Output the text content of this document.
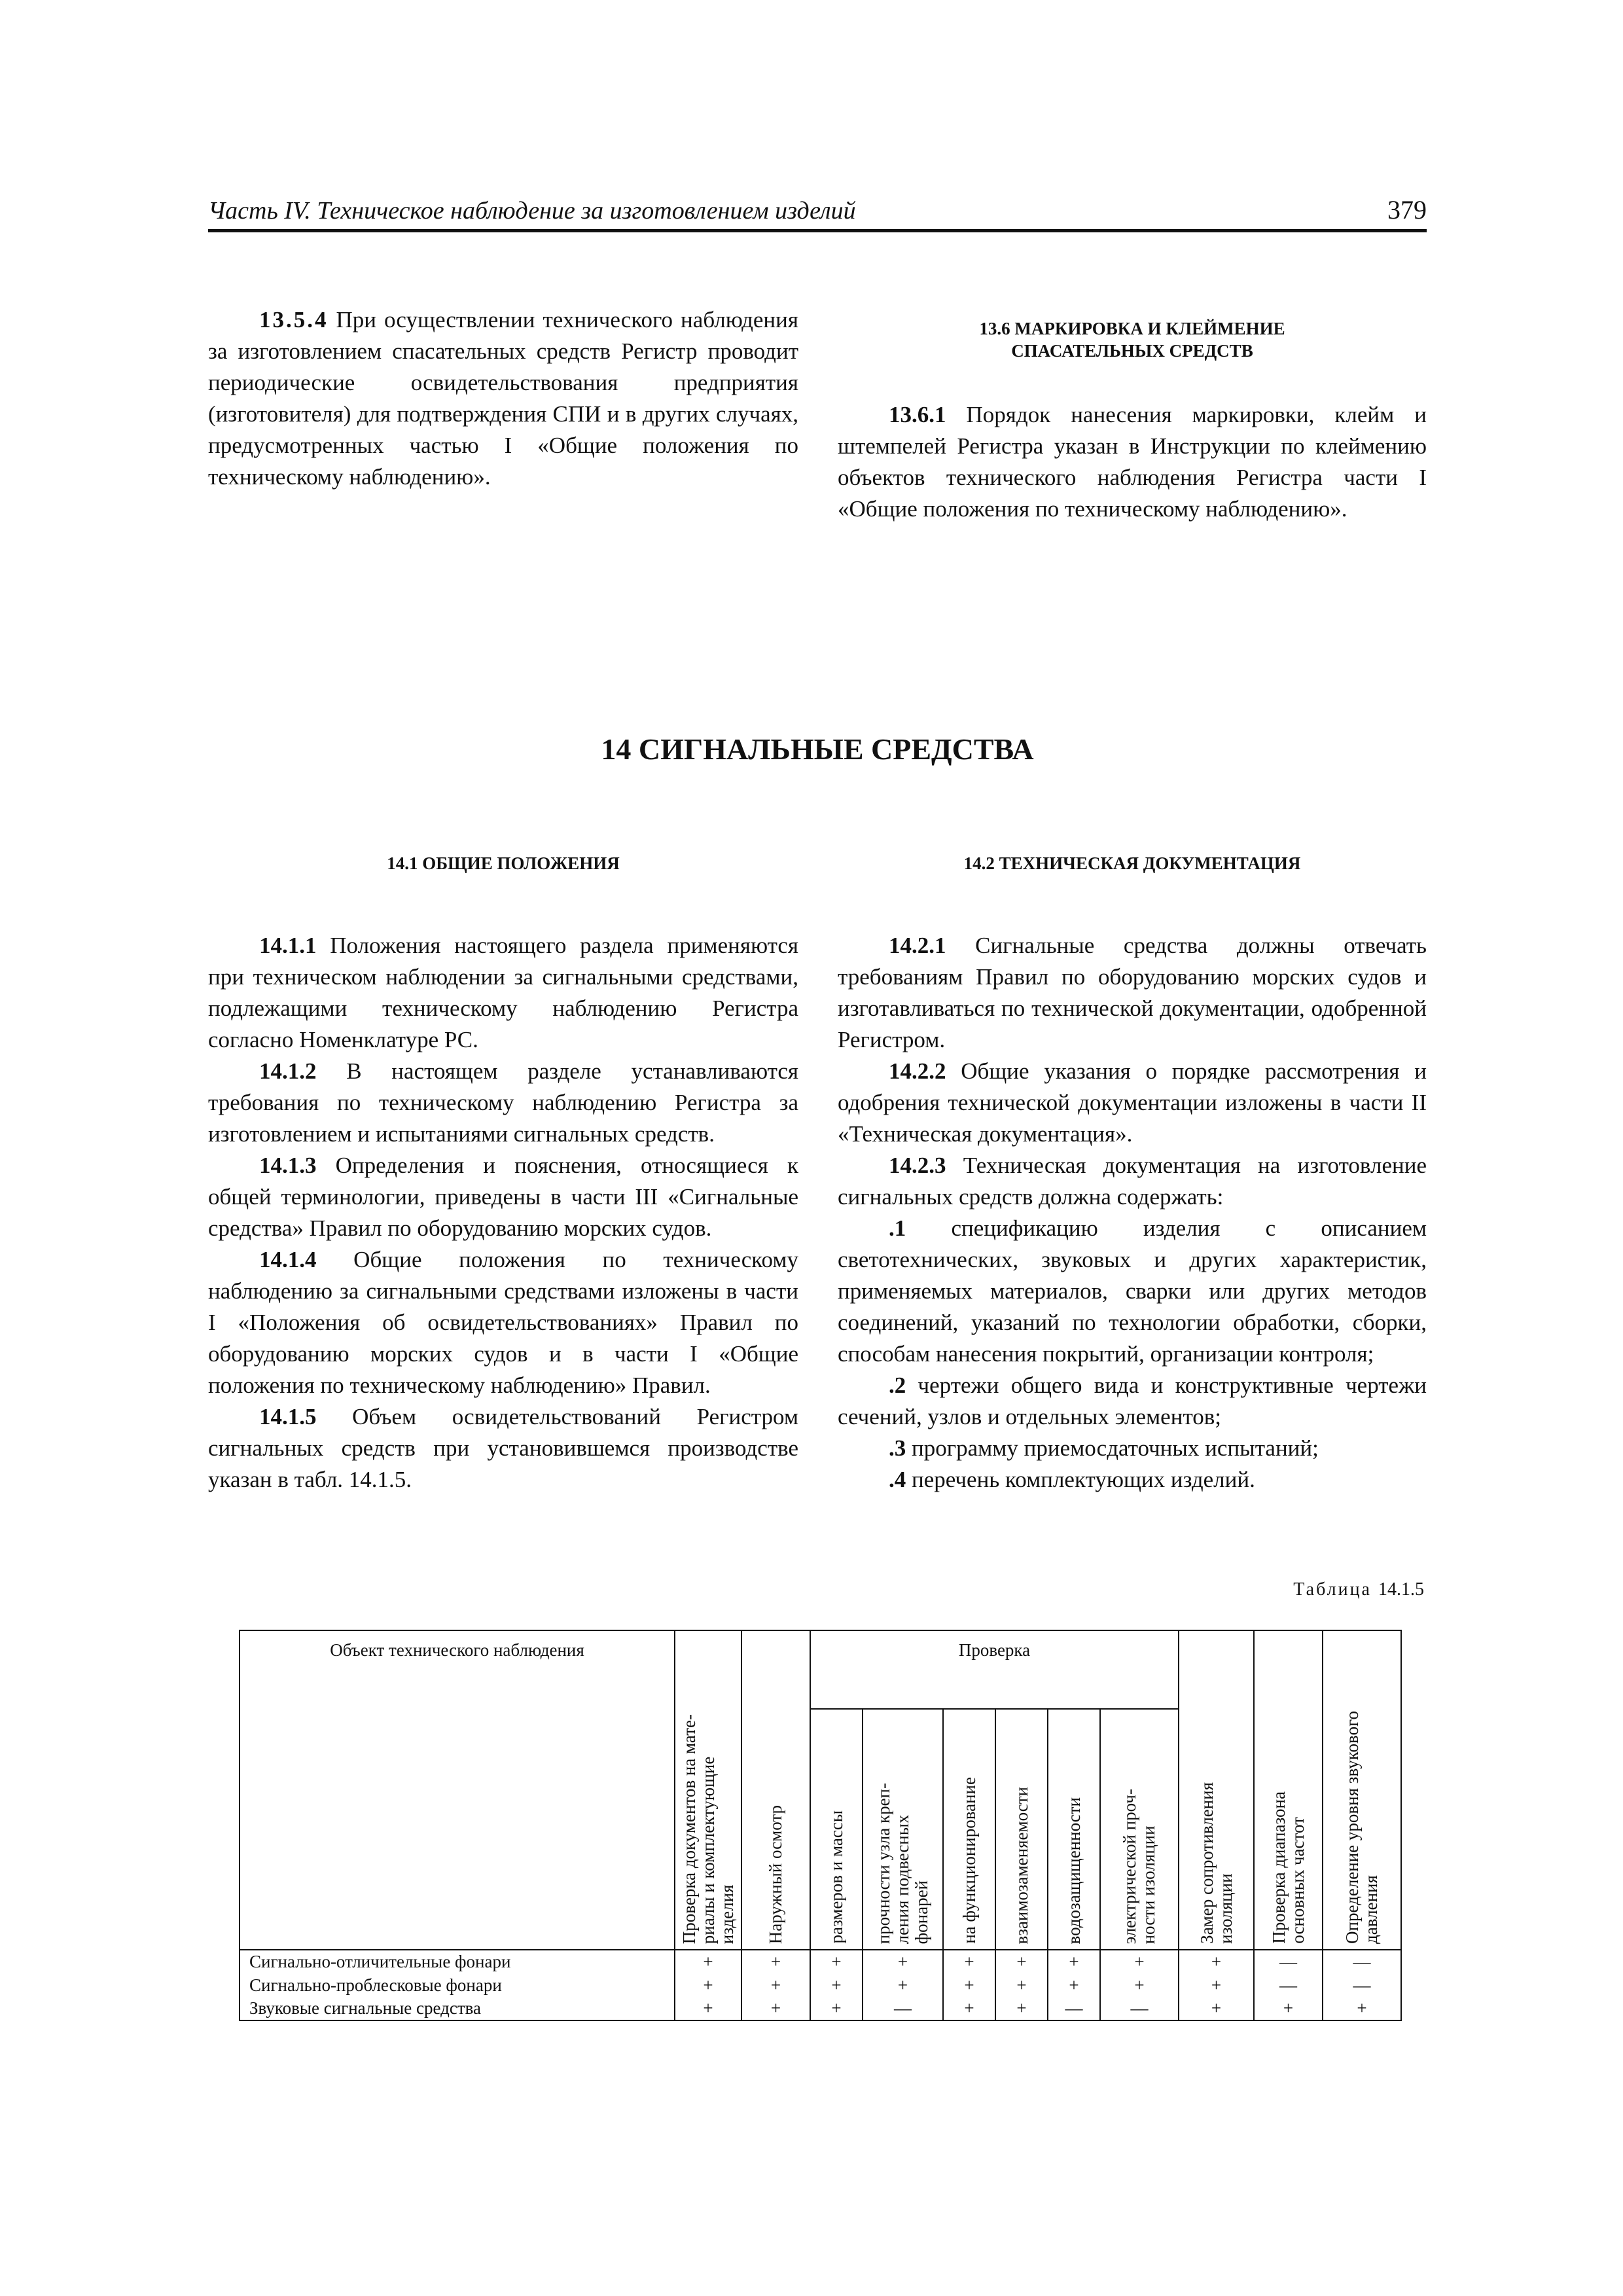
Часть IV. Техническое наблюдение за изготовлением изделий	379

13.5.4 При осуществлении технического наблюдения за изготовлением спасательных средств Регистр проводит периодические освидетельствования предприятия (изготовителя) для подтверждения СПИ и в других случаях, предусмотренных частью I «Общие положения по техническому наблюдению».

13.6 МАРКИРОВКА И КЛЕЙМЕНИЕ
СПАСАТЕЛЬНЫХ СРЕДСТВ

13.6.1 Порядок нанесения маркировки, клейм и штемпелей Регистра указан в Инструкции по клеймению объектов технического наблюдения Регистра части I «Общие положения по техническому наблюдению».

14 СИГНАЛЬНЫЕ СРЕДСТВА
14.1 ОБЩИЕ ПОЛОЖЕНИЯ

14.1.1 Положения настоящего раздела применяются при техническом наблюдении за сигнальными средствами, подлежащими техническому наблюдению Регистра согласно Номенклатуре РС.

14.1.2 В настоящем разделе устанавливаются требования по техническому наблюдению Регистра за изготовлением и испытаниями сигнальных средств.

14.1.3 Определения и пояснения, относящиеся к общей терминологии, приведены в части III «Сигнальные средства» Правил по оборудованию морских судов.

14.1.4 Общие положения по техническому наблюдению за сигнальными средствами изложены в части I «Положения об освидетельствованиях» Правил по оборудованию морских судов и в части I «Общие положения по техническому наблюдению» Правил.

14.1.5 Объем освидетельствований Регистром сигнальных средств при установившемся производстве указан в табл. 14.1.5.

14.2 ТЕХНИЧЕСКАЯ ДОКУМЕНТАЦИЯ

14.2.1 Сигнальные средства должны отвечать требованиям Правил по оборудованию морских судов и изготавливаться по технической документации, одобренной Регистром.

14.2.2 Общие указания о порядке рассмотрения и одобрения технической документации изложены в части II «Техническая документация».

14.2.3 Техническая документация на изготовление сигнальных средств должна содержать:

.1 спецификацию изделия с описанием светотехнических, звуковых и других характеристик, применяемых материалов, сварки или других методов соединений, указаний по технологии обработки, сборки, способам нанесения покрытий, организации контроля;

.2 чертежи общего вида и конструктивные чертежи сечений, узлов и отдельных элементов;

.3 программу приемосдаточных испытаний;

.4 перечень комплектующих изделий.

Таблица 14.1.5
Объект технического наблюдения	Проверка документов на мате-
риалы и комплектующие
изделия	Наружный осмотр	Проверка						Замер сопротивления
изоляции	Проверка диапазона
основных частот	Определение уровня звукового
давления

			размеров и массы	прочности узла креп-
ления подвесных
фонарей	на функционирование	взаимозаменяемости	водозащищенности	электрической проч-
ности изоляции			

Сигнально-отличительные фонари	+	+	+	+	+	+	+	+	+	—	—
Сигнально-проблесковые фонари	+	+	+	+	+	+	+	+	+	—	—
Звуковые сигнальные средства	+	+	+	—	+	+	—	—	+	+	+
